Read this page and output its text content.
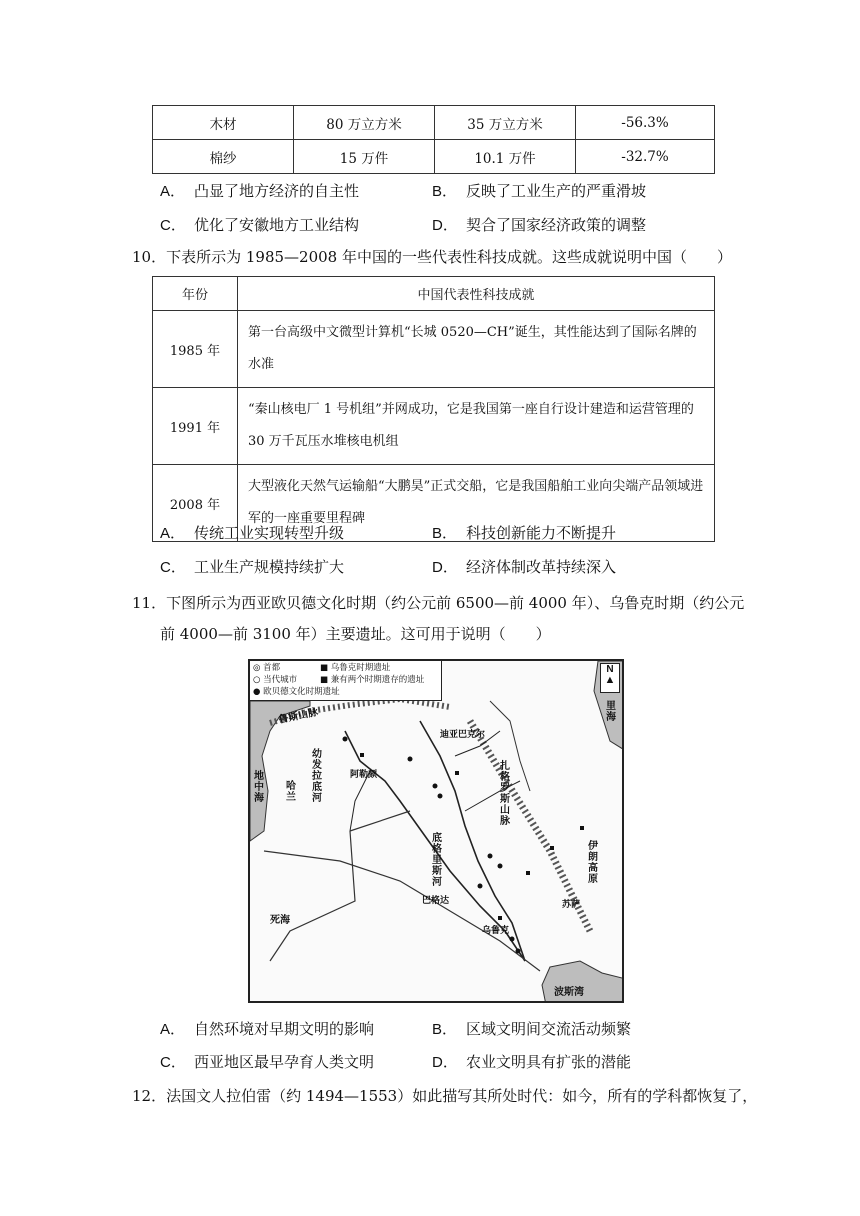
木材	80 万立方米	35 万立方米	-56.3%
棉纱	15 万件	10.1 万件	-32.7%
A． 凸显了地方经济的自主性	B． 反映了工业生产的严重滑坡
C． 优化了安徽地方工业结构	D． 契合了国家经济政策的调整
10．下表所示为 1985—2008 年中国的一些代表性科技成就。这些成就说明中国（　　）
年份	中国代表性科技成就
1985 年	第一台高级中文微型计算机“长城 0520—CH”诞生，其性能达到了国际名牌的水准
1991 年	“秦山核电厂 1 号机组”并网成功，它是我国第一座自行设计建造和运营管理的 30 万千瓦压水堆核电机组
2008 年	大型液化天然气运输船“大鹏昊”正式交船，它是我国船舶工业向尖端产品领域进军的一座重要里程碑
A． 传统工业实现转型升级	B． 科技创新能力不断提升
C． 工业生产规模持续扩大	D． 经济体制改革持续深入
11．下图所示为西亚欧贝德文化时期（约公元前 6500—前 4000 年）、乌鲁克时期（约公元
前 4000—前 3100 年）主要遗址。这可用于说明（　　）
◎ 首都	■ 乌鲁克时期遗址
○ 当代城市	■ 兼有两个时期遗存的遗址
● 欧贝德文化时期遗址
N
▲
鲁斯山脉
迪亚巴克尔
阿勒颇
哈兰
幼发拉底河
扎格罗斯山脉
底格里斯河
巴格达
死海
乌鲁克
波斯湾
伊朗高原
地中海
里海
苏萨
A． 自然环境对早期文明的影响	B． 区域文明间交流活动频繁
C． 西亚地区最早孕育人类文明	D． 农业文明具有扩张的潜能
12．法国文人拉伯雷（约 1494—1553）如此描写其所处时代：如今，所有的学科都恢复了，
